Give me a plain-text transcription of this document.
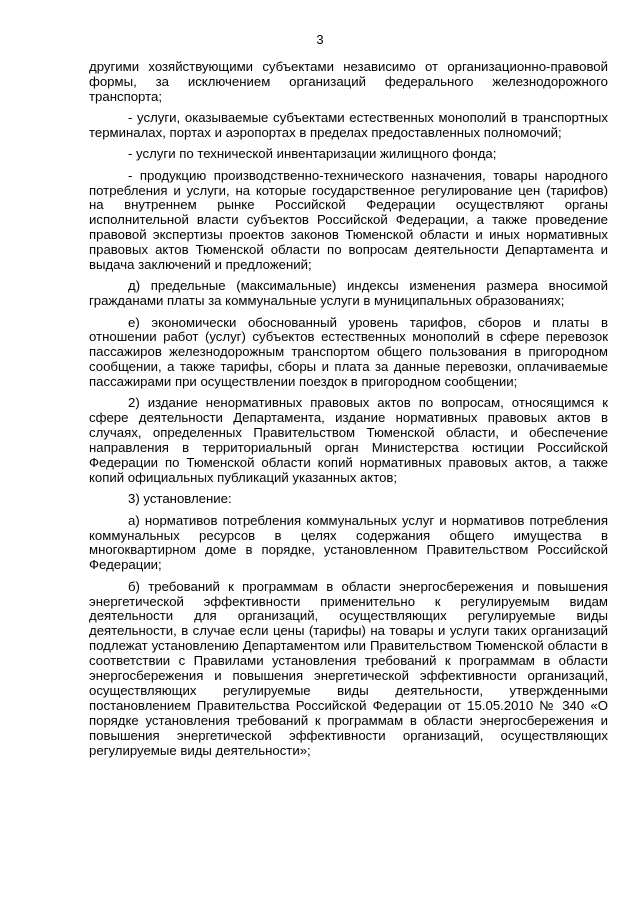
3

другими хозяйствующими субъектами независимо от организационно-правовой формы, за исключением организаций федерального железнодорожного транспорта;

- услуги, оказываемые субъектами естественных монополий в транспортных терминалах, портах и аэропортах в пределах предоставленных полномочий;

- услуги по технической инвентаризации жилищного фонда;

- продукцию производственно-технического назначения, товары народного потребления и услуги, на которые государственное регулирование цен (тарифов) на внутреннем рынке Российской Федерации осуществляют органы исполнительной власти субъектов Российской Федерации, а также проведение правовой экспертизы проектов законов Тюменской области и иных нормативных правовых актов Тюменской области по вопросам деятельности Департамента и выдача заключений и предложений;

д) предельные (максимальные) индексы изменения размера вносимой гражданами платы за коммунальные услуги в муниципальных образованиях;

е) экономически обоснованный уровень тарифов, сборов и платы в отношении работ (услуг) субъектов естественных монополий в сфере перевозок пассажиров железнодорожным транспортом общего пользования в пригородном сообщении, а также тарифы, сборы и плата за данные перевозки, оплачиваемые пассажирами при осуществлении поездок в пригородном сообщении;

2) издание ненормативных правовых актов по вопросам, относящимся к сфере деятельности Департамента, издание нормативных правовых актов в случаях, определенных Правительством Тюменской области, и обеспечение направления в территориальный орган Министерства юстиции Российской Федерации по Тюменской области копий нормативных правовых актов, а также копий официальных публикаций указанных актов;

3) установление:

а) нормативов потребления коммунальных услуг и нормативов потребления коммунальных ресурсов в целях содержания общего имущества в многоквартирном доме в порядке, установленном Правительством Российской Федерации;

б) требований к программам в области энергосбережения и повышения энергетической эффективности применительно к регулируемым видам деятельности для организаций, осуществляющих регулируемые виды деятельности, в случае если цены (тарифы) на товары и услуги таких организаций подлежат установлению Департаментом или Правительством Тюменской области в соответствии с Правилами установления требований к программам в области энергосбережения и повышения энергетической эффективности организаций, осуществляющих регулируемые виды деятельности, утвержденными постановлением Правительства Российской Федерации от 15.05.2010 № 340 «О порядке установления требований к программам в области энергосбережения и повышения энергетической эффективности организаций, осуществляющих регулируемые виды деятельности»;
